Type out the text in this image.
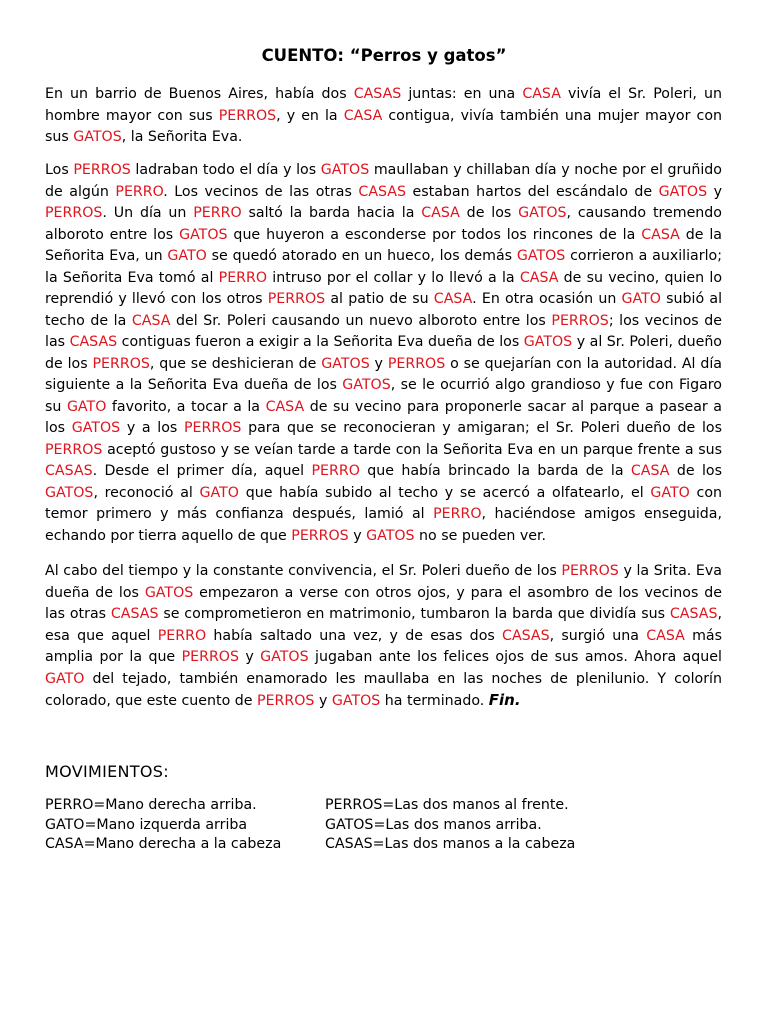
CUENTO: “Perros y gatos”

En un barrio de Buenos Aires, había dos CASAS juntas: en una CASA vivía el Sr. Poleri, un hombre mayor con sus PERROS, y en la CASA contigua, vivía también una mujer mayor con sus GATOS, la Señorita Eva.

Los PERROS ladraban todo el día y los GATOS maullaban y chillaban día y noche por el gruñido de algún PERRO. Los vecinos de las otras CASAS estaban hartos del escándalo de GATOS y PERROS. Un día un PERRO saltó la barda hacia la CASA de los GATOS, causando tremendo alboroto entre los GATOS que huyeron a esconderse por todos los rincones de la CASA de la Señorita Eva, un GATO se quedó atorado en un hueco, los demás GATOS corrieron a auxiliarlo; la Señorita Eva tomó al PERRO intruso por el collar y lo llevó a la CASA de su vecino, quien lo reprendió y llevó con los otros PERROS al patio de su CASA. En otra ocasión un GATO subió al techo de la CASA del Sr. Poleri causando un nuevo alboroto entre los PERROS; los vecinos de las CASAS contiguas fueron a exigir a la Señorita Eva dueña de los GATOS y al Sr. Poleri, dueño de los PERROS, que se deshicieran de GATOS y PERROS o se quejarían con la autoridad. Al día siguiente a la Señorita Eva dueña de los GATOS, se le ocurrió algo grandioso y fue con Figaro su GATO favorito, a tocar a la CASA de su vecino para proponerle sacar al parque a pasear a los GATOS y a los PERROS para que se reconocieran y amigaran; el Sr. Poleri dueño de los PERROS aceptó gustoso y se veían tarde a tarde con la Señorita Eva en un parque frente a sus CASAS. Desde el primer día, aquel PERRO que había brincado la barda de la CASA de los GATOS, reconoció al GATO que había subido al techo y se acercó a olfatearlo, el GATO con temor primero y más confianza después, lamió al PERRO, haciéndose amigos enseguida, echando por tierra aquello de que PERROS y GATOS no se pueden ver.

Al cabo del tiempo y la constante convivencia, el Sr. Poleri dueño de los PERROS y la Srita. Eva dueña de los GATOS empezaron a verse con otros ojos, y para el asombro de los vecinos de las otras CASAS se comprometieron en matrimonio, tumbaron la barda que dividía sus CASAS, esa que aquel PERRO había saltado una vez, y de esas dos CASAS, surgió una CASA más amplia por la que PERROS y GATOS jugaban ante los felices ojos de sus amos. Ahora aquel GATO del tejado, también enamorado les maullaba en las noches de plenilunio. Y colorín colorado, que este cuento de PERROS y GATOS ha terminado. Fin.

MOVIMIENTOS:
PERRO=Mano derecha arriba.	PERROS=Las dos manos al frente.
GATO=Mano izquerda arriba	GATOS=Las dos manos arriba.
CASA=Mano derecha a la cabeza	CASAS=Las dos manos a la cabeza
